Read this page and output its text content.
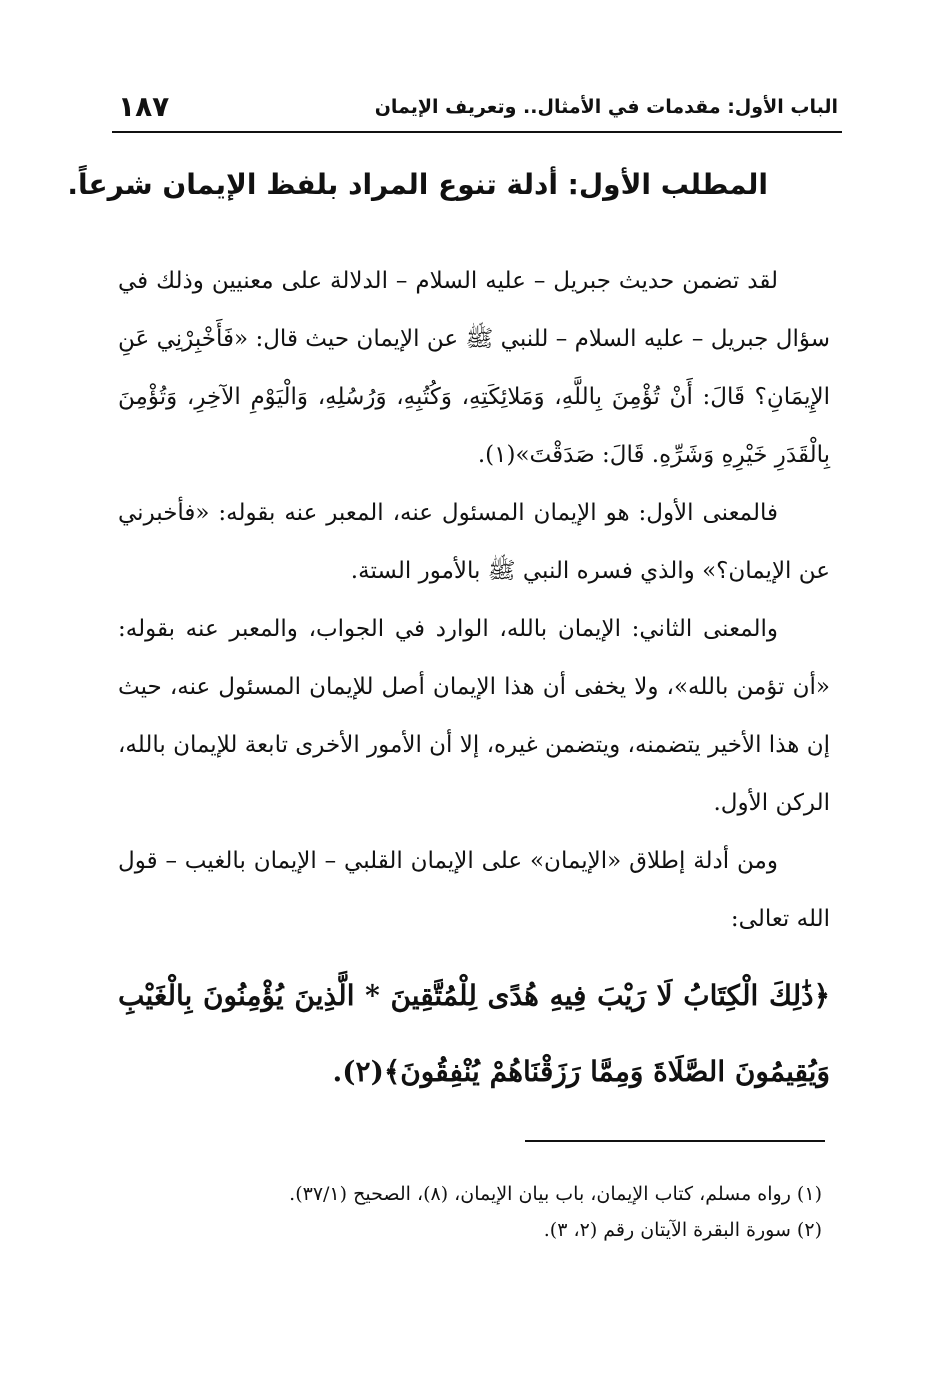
١٨٧	الباب الأول: مقدمات في الأمثال.. وتعريف الإيمان
المطلب الأول: أدلة تنوع المراد بلفظ الإيمان شرعاً.

لقد تضمن حديث جبريل – عليه السلام – الدلالة على معنيين وذلك في سؤال جبريل – عليه السلام – للنبي ﷺ عن الإيمان حيث قال: «فَأَخْبِرْنِي عَنِ الإِيمَانِ؟ قَالَ: أَنْ تُؤْمِنَ بِاللَّهِ، وَمَلائِكَتِهِ، وَكُتُبِهِ، وَرُسُلِهِ، وَالْيَوْمِ الآخِرِ، وَتُؤْمِنَ بِالْقَدَرِ خَيْرِهِ وَشَرِّهِ. قَالَ: صَدَقْتَ»(١).

فالمعنى الأول: هو الإيمان المسئول عنه، المعبر عنه بقوله: «فأخبرني عن الإيمان؟» والذي فسره النبي ﷺ بالأمور الستة.

والمعنى الثاني: الإيمان بالله، الوارد في الجواب، والمعبر عنه بقوله: «أن تؤمن بالله»، ولا يخفى أن هذا الإيمان أصل للإيمان المسئول عنه، حيث إن هذا الأخير يتضمنه، ويتضمن غيره، إلا أن الأمور الأخرى تابعة للإيمان بالله، الركن الأول.

ومن أدلة إطلاق «الإيمان» على الإيمان القلبي – الإيمان بالغيب – قول الله تعالى:

﴿ذَٰلِكَ الْكِتَابُ لَا رَيْبَ فِيهِ هُدًى لِلْمُتَّقِينَ * الَّذِينَ يُؤْمِنُونَ بِالْغَيْبِ وَيُقِيمُونَ الصَّلَاةَ وَمِمَّا رَزَقْنَاهُمْ يُنْفِقُونَ﴾(٢).

(١) رواه مسلم، كتاب الإيمان، باب بيان الإيمان، (٨)، الصحيح (٣٧/١).

(٢) سورة البقرة الآيتان رقم (٢، ٣).
